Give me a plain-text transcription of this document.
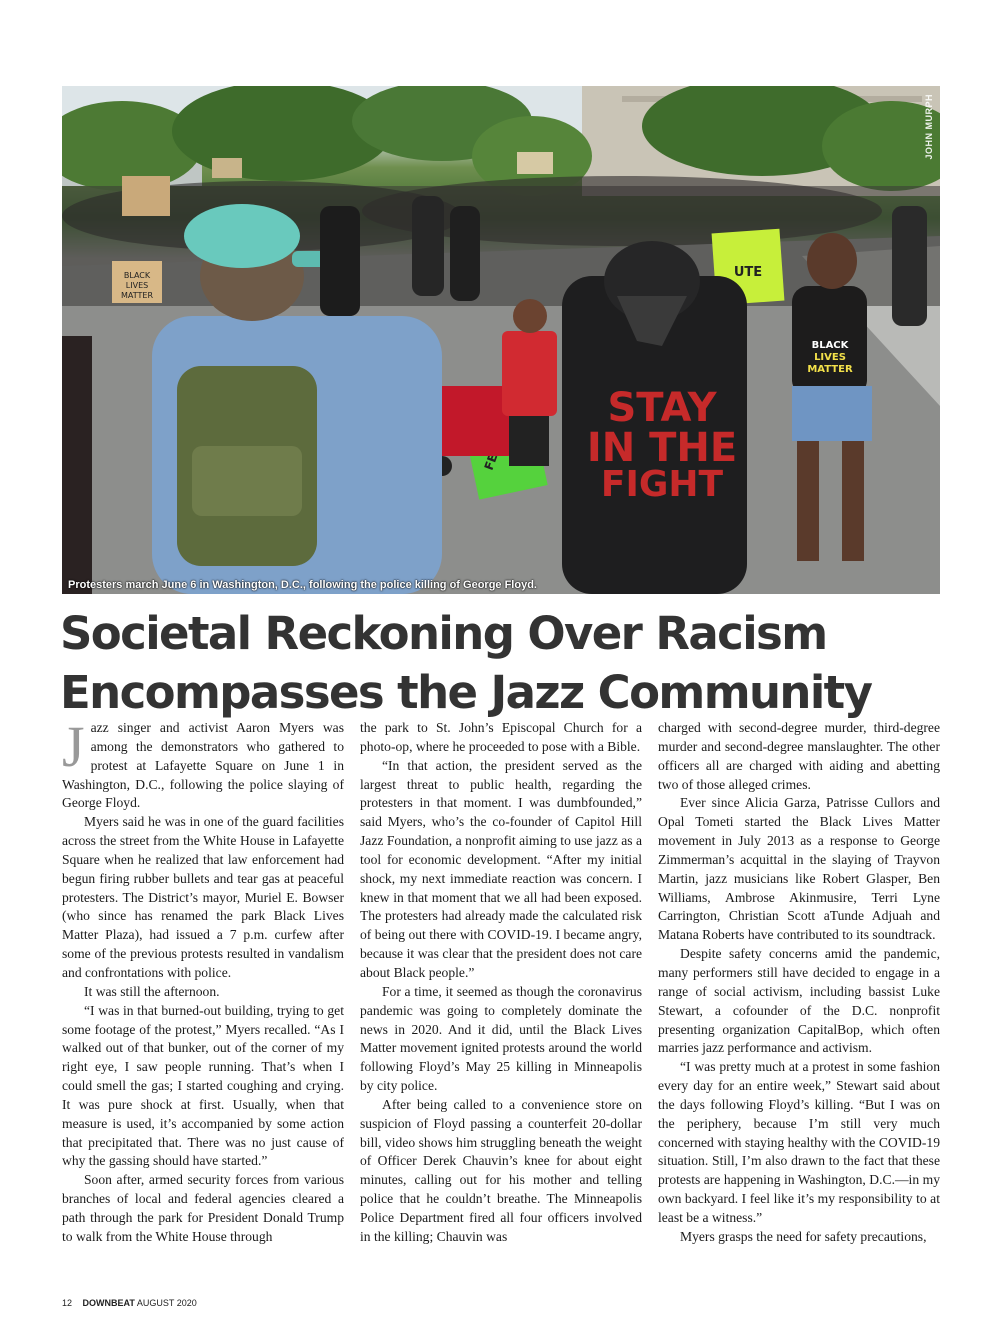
BLACK
LIVES
MATTER
UTE
STAY
IN THE
FIGHT
BLACK
LIVES
MATTER
JOHN MURPH
Protesters march June 6 in Washington, D.C., following the police killing of George Floyd.
Societal Reckoning Over Racism
Encompasses the Jazz Community

Jazz singer and activist Aaron Myers was among the demonstrators who gathered to protest at Lafayette Square on June 1 in Washington, D.C., following the police slaying of George Floyd.

Myers said he was in one of the guard facilities across the street from the White House in Lafayette Square when he realized that law enforcement had begun firing rubber bullets and tear gas at peaceful protesters. The District’s mayor, Muriel E. Bowser (who since has renamed the park Black Lives Matter Plaza), had issued a 7 p.m. curfew after some of the previous protests resulted in vandalism and confrontations with police.

It was still the afternoon.

“I was in that burned-out building, trying to get some footage of the protest,” Myers recalled. “As I walked out of that bunker, out of the corner of my right eye, I saw people running. That’s when I could smell the gas; I started coughing and crying. It was pure shock at first. Usually, when that measure is used, it’s accompanied by some action that precipitated that. There was no just cause of why the gassing should have started.”

Soon after, armed security forces from various branches of local and federal agencies cleared a path through the park for President Donald Trump to walk from the White House through

the park to St. John’s Episcopal Church for a photo-op, where he proceeded to pose with a Bible.

“In that action, the president served as the largest threat to public health, regarding the protesters in that moment. I was dumbfounded,” said Myers, who’s the co-founder of Capitol Hill Jazz Foundation, a nonprofit aiming to use jazz as a tool for economic development. “After my initial shock, my next immediate reaction was concern. I knew in that moment that we all had been exposed. The protesters had already made the calculated risk of being out there with COVID-19. I became angry, because it was clear that the president does not care about Black people.”

For a time, it seemed as though the coronavirus pandemic was going to completely dominate the news in 2020. And it did, until the Black Lives Matter movement ignited protests around the world following Floyd’s May 25 killing in Minneapolis by city police.

After being called to a convenience store on suspicion of Floyd passing a counterfeit 20-dollar bill, video shows him struggling beneath the weight of Officer Derek Chauvin’s knee for about eight minutes, calling out for his mother and telling police that he couldn’t breathe. The Minneapolis Police Department fired all four officers involved in the killing; Chauvin was

charged with second-degree murder, third-degree murder and second-degree manslaughter. The other officers all are charged with aiding and abetting two of those alleged crimes.

Ever since Alicia Garza, Patrisse Cullors and Opal Tometi started the Black Lives Matter movement in July 2013 as a response to George Zimmerman’s acquittal in the slaying of Trayvon Martin, jazz musicians like Robert Glasper, Ben Williams, Ambrose Akinmusire, Terri Lyne Carrington, Christian Scott aTunde Adjuah and Matana Roberts have contributed to its soundtrack.

Despite safety concerns amid the pandemic, many performers still have decided to engage in a range of social activism, including bassist Luke Stewart, a cofounder of the D.C. nonprofit presenting organization CapitalBop, which often marries jazz performance and activism.

“I was pretty much at a protest in some fashion every day for an entire week,” Stewart said about the days following Floyd’s killing. “But I was on the periphery, because I’m still very much concerned with staying healthy with the COVID-19 situation. Still, I’m also drawn to the fact that these protests are happening in Washington, D.C.—in my own backyard. I feel like it’s my responsibility to at least be a witness.”

Myers grasps the need for safety precautions,

12 DOWNBEAT AUGUST 2020
